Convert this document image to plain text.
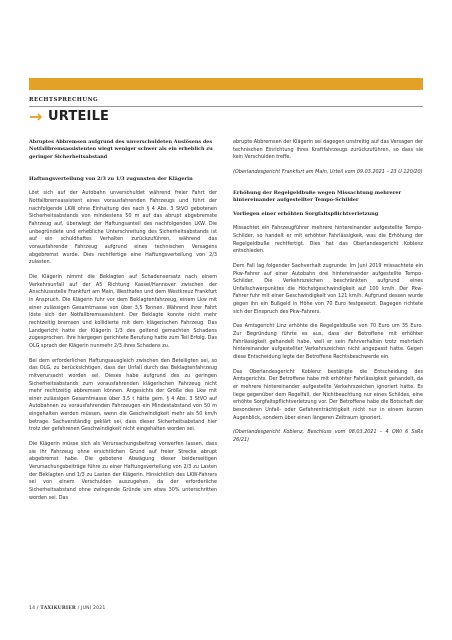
RECHTSPRECHUNG
→ URTEILE
Abruptes Abbremsen aufgrund des unverschuldeten Auslösens des Notfallbremsassistenten wiegt weniger schwer als ein erheblich zu geringer Sicherheitsabstand
Haftungsverteilung von 2/3 zu 1/3 zugunsten der Klägerin

Löst sich auf der Autobahn unverschuldet während freier Fahrt der Notfallbremsassistent eines vorausfahrenden Fahrzeugs und führt der nachfolgende LKW ohne Einhaltung des nach § 4 Abs. 3 StVO gebotenen Sicherheitsabstands von mindestens 50 m auf das abrupt abgebremste Fahrzeug auf, überwiegt der Haftungsanteil des nachfolgenden LKW. Die unbegründete und erhebliche Unterschreitung des Sicherheitsabstands ist auf ein schuldhaftes Verhalten zurückzuführen, während das vorausfahrende Fahrzeug aufgrund eines technischen Versagens abgebremst wurde. Dies rechtfertige eine Haftungsverteilung von 2/3 zulasten.

Die Klägerin nimmt die Beklagten auf Schadensersatz nach einem Verkehrsunfall auf der A5 Richtung Kassel/Hannover zwischen der Anschlussstelle Frankfurt am Main, Westhafen und dem Westkreuz Frankfurt in Anspruch. Die Klägerin fuhr vor dem Beklagtenfahrzeug, einem Lkw mit einer zulässigen Gesamtmasse von über 3,5 Tonnen. Während ihrer Fahrt löste sich der Notfallbremsassistent. Der Beklagte konnte nicht mehr rechtzeitig bremsen und kollidierte mit dem klägerischen Fahrzeug. Das Landgericht hatte der Klägerin 1/3 des geltend gemachten Schadens zugesprochen. Ihre hiergegen gerichtete Berufung hatte zum Teil Erfolg. Das OLG sprach der Klägerin nunmehr 2/3 ihres Schadens zu.

Bei dem erforderlichen Haftungsausgleich zwischen den Beteiligten sei, so das OLG, zu berücksichtigen, dass der Unfall durch das Beklagtenfahrzeug mitverursacht worden sei. Dieses habe aufgrund des zu geringen Sicherheitsabstands zum vorausfahrenden klägerischen Fahrzeug nicht mehr rechtzeitig abbremsen können. Angesichts der Größe des Lkw mit einer zulässigen Gesamtmasse über 3,5 t hätte gem. § 4 Abs. 3 StVO auf Autobahnen zu vorausfahrenden Fahrzeugen ein Mindestabstand von 50 m eingehalten werden müssen, wenn die Geschwindigkeit mehr als 50 km/h betrage. Sachverständig geklärt sei, dass dieser Sicherheitsabstand hier trotz der gefahrenen Geschwindigkeit nicht eingehalten worden sei.

Die Klägerin müsse sich als Verursachungsbeitrag vorwerfen lassen, dass sie ihr Fahrzeug ohne ersichtlichen Grund auf freier Strecke abrupt abgebremst habe. Die gebotene Abwägung dieser beiderseitigen Verursachungsbeiträge führe zu einer Haftungsverteilung von 2/3 zu Lasten der Beklagten und 1/3 zu Lasten der Klägerin. Hinsichtlich des LKW-Fahrers sei von einem Verschulden auszugehen, da der erforderliche Sicherheitsabstand ohne zwingende Gründe um etwa 30% unterschritten worden sei. Das

abrupte Abbremsen der Klägerin sei dagegen unstreitig auf das Versagen der technischen Einrichtung ihres Kraftfahrzeugs zurückzuführen, so dass sie kein Verschulden treffe.

(Oberlandesgericht Frankfurt am Main, Urteil vom 09.03.2021 – 23 U 120/20)

Erhöhung der Regelgeldbuße wegen Missachtung mehrerer hintereinander aufgestellter Tempo-Schilder
Vorliegen einer erhöhten Sorgfaltspflichtverletzung

Missachtet ein Fahrzeugführer mehrere hintereinander aufgestellte Tempo-Schilder, so handelt er mit erhöhter Fahrlässigkeit, was die Erhöhung der Regelgeldbuße rechtfertigt. Dies hat das Oberlandesgericht Koblenz entschieden.

Dem Fall lag folgender Sachverhalt zugrunde: Im Juni 2019 missachtete ein Pkw-Fahrer auf einer Autobahn drei hintereinander aufgestellte Tempo-Schilder. Die Verkehrszeichen beschränkten aufgrund eines Unfallschwerpunktes die Höchstgeschwindigkeit auf 100 km/h. Der Pkw-Fahrer fuhr mit einer Geschwindigkeit von 121 km/h. Aufgrund dessen wurde gegen ihn ein Bußgeld in Höhe von 70 Euro festgesetzt. Dagegen richtete sich der Einspruch des Pkw-Fahrers.

Das Amtsgericht Linz erhöhte die Regelgeldbuße von 70 Euro um 35 Euro. Zur Begründung führte es aus, dass der Betroffene mit erhöhter Fahrlässigkeit gehandelt habe, weil er sein Fahrverhalten trotz mehrfach hintereinander aufgestellter Verkehrszeichen nicht angepasst hatte. Gegen diese Entscheidung legte der Betroffene Rechtsbeschwerde ein.

Das Oberlandesgericht Koblenz bestätigte die Entscheidung des Amtsgerichts. Der Betroffene habe mit erhöhter Fahrlässigkeit gehandelt, da er mehrere hintereinander aufgestellte Verkehrszeichen ignoriert hatte. Es liege gegenüber dem Regelfall, der Nichtbeachtung nur eines Schildes, eine erhöhte Sorgfaltspflichtverletzung vor. Der Betroffene habe die Botschaft der besonderen Unfall- oder Gefahrenträchtigkeit nicht nur in einem kurzen Augenblick, sondern über einen längeren Zeitraum ignoriert.

(Oberlandesgericht Koblenz, Beschluss vom 08.03.2021 – 4 OWi 6 SsRs 26/21)

14 / TAXIKURIER / JUNI 2021
